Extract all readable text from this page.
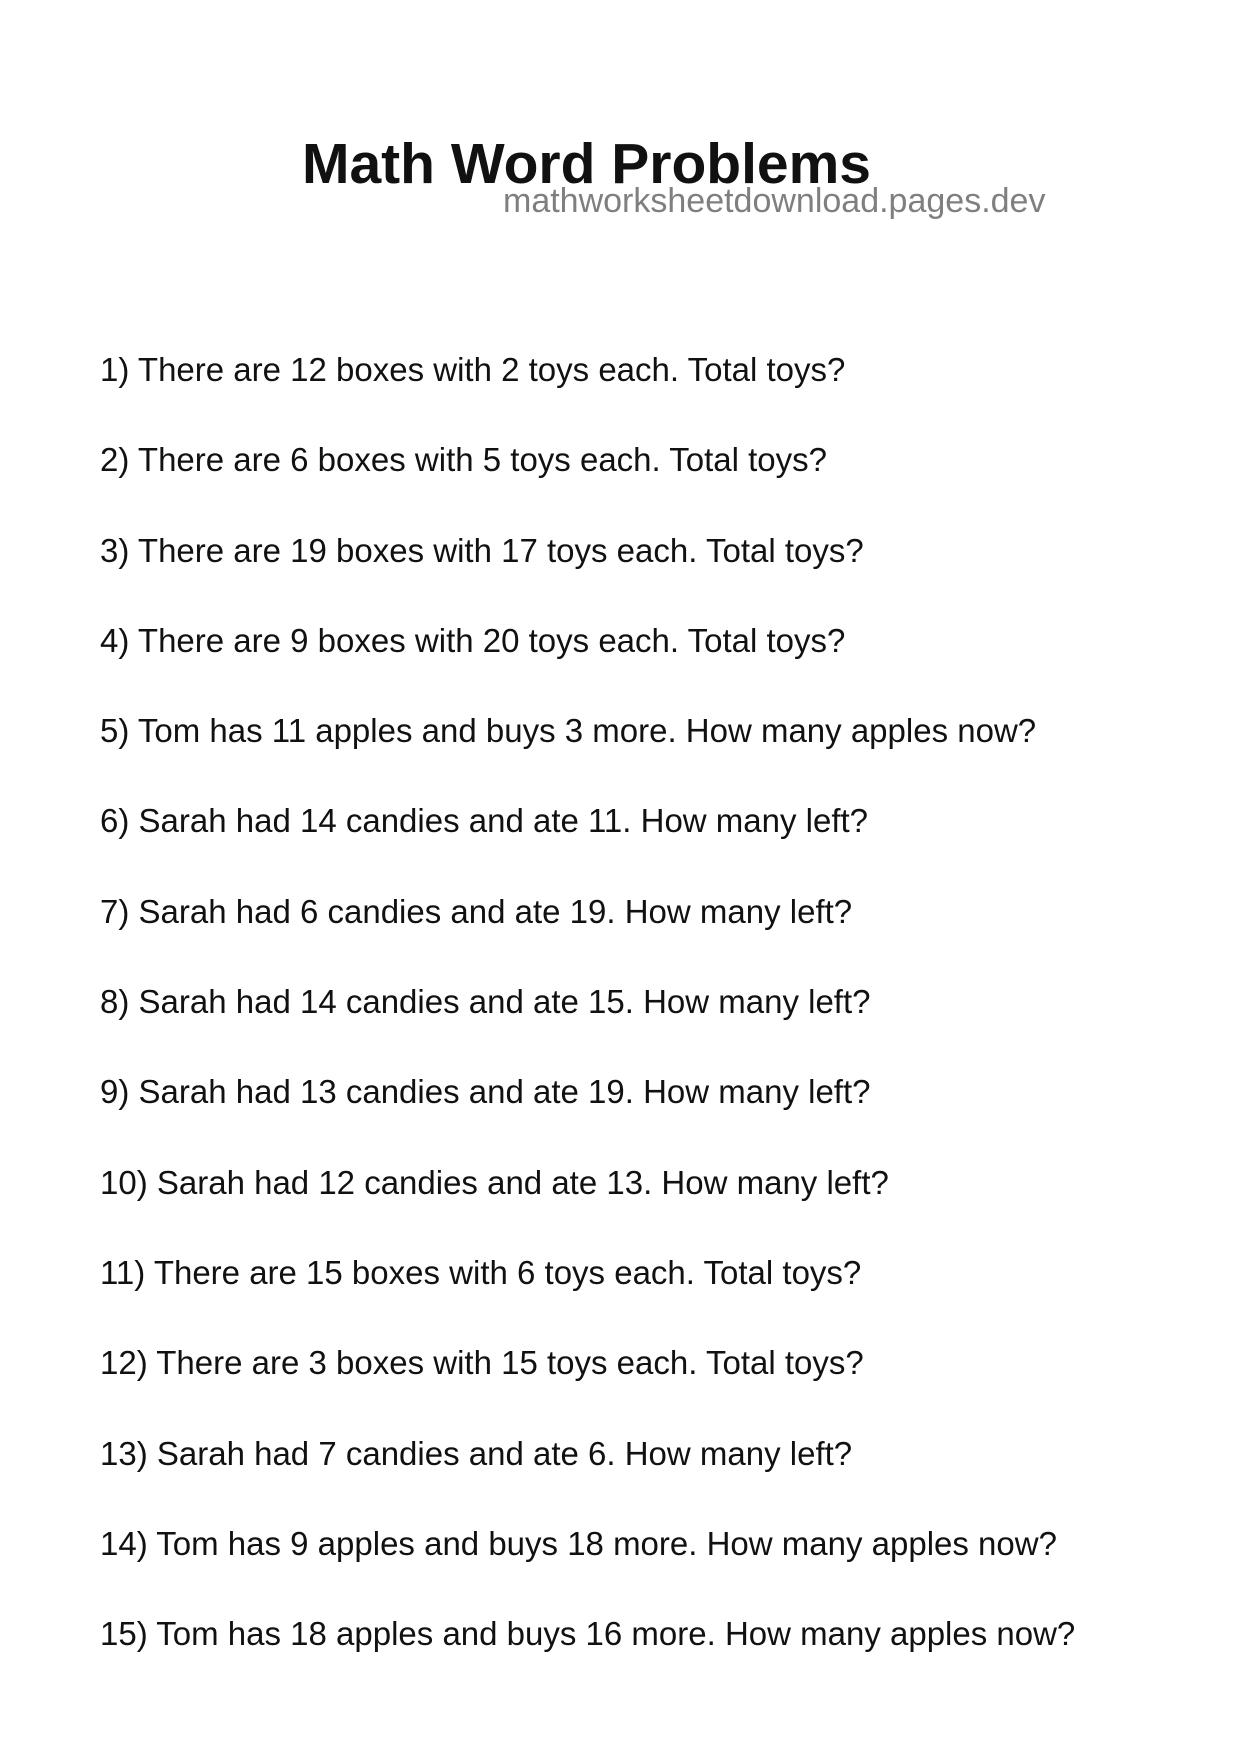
Math Word Problems
mathworksheetdownload.pages.dev
1) There are 12 boxes with 2 toys each. Total toys?
2) There are 6 boxes with 5 toys each. Total toys?
3) There are 19 boxes with 17 toys each. Total toys?
4) There are 9 boxes with 20 toys each. Total toys?
5) Tom has 11 apples and buys 3 more. How many apples now?
6) Sarah had 14 candies and ate 11. How many left?
7) Sarah had 6 candies and ate 19. How many left?
8) Sarah had 14 candies and ate 15. How many left?
9) Sarah had 13 candies and ate 19. How many left?
10) Sarah had 12 candies and ate 13. How many left?
11) There are 15 boxes with 6 toys each. Total toys?
12) There are 3 boxes with 15 toys each. Total toys?
13) Sarah had 7 candies and ate 6. How many left?
14) Tom has 9 apples and buys 18 more. How many apples now?
15) Tom has 18 apples and buys 16 more. How many apples now?
